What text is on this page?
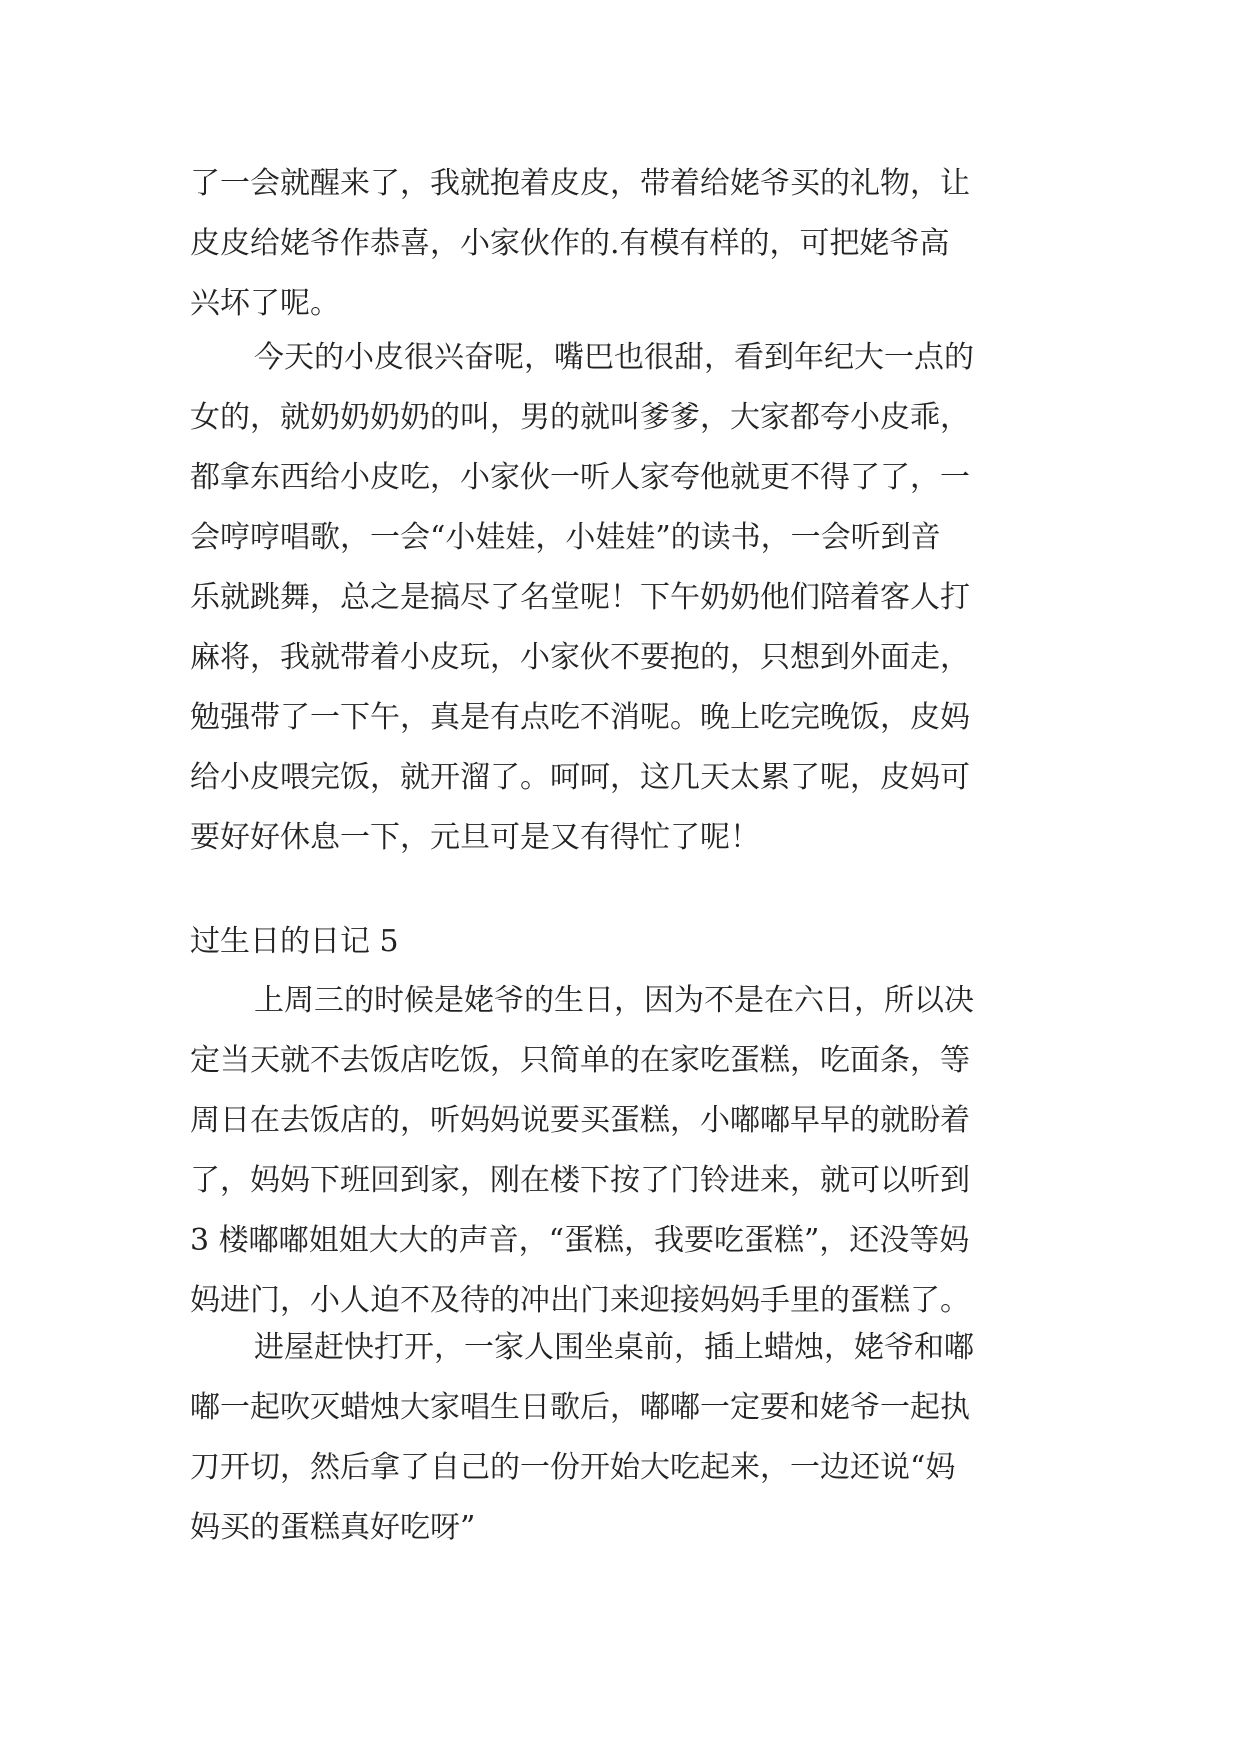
了一会就醒来了，我就抱着皮皮，带着给姥爷买的礼物，让
皮皮给姥爷作恭喜，小家伙作的.有模有样的，可把姥爷高
兴坏了呢。
今天的小皮很兴奋呢，嘴巴也很甜，看到年纪大一点的
女的，就奶奶奶奶的叫，男的就叫爹爹，大家都夸小皮乖，
都拿东西给小皮吃，小家伙一听人家夸他就更不得了了，一
会哼哼唱歌，一会“小娃娃，小娃娃”的读书，一会听到音
乐就跳舞，总之是搞尽了名堂呢！下午奶奶他们陪着客人打
麻将，我就带着小皮玩，小家伙不要抱的，只想到外面走，
勉强带了一下午，真是有点吃不消呢。晚上吃完晚饭，皮妈
给小皮喂完饭，就开溜了。呵呵，这几天太累了呢，皮妈可
要好好休息一下，元旦可是又有得忙了呢！
过生日的日记 5
上周三的时候是姥爷的生日，因为不是在六日，所以决
定当天就不去饭店吃饭，只简单的在家吃蛋糕，吃面条，等
周日在去饭店的，听妈妈说要买蛋糕，小嘟嘟早早的就盼着
了，妈妈下班回到家，刚在楼下按了门铃进来，就可以听到
3 楼嘟嘟姐姐大大的声音，“蛋糕，我要吃蛋糕”，还没等妈
妈进门，小人迫不及待的冲出门来迎接妈妈手里的蛋糕了。
进屋赶快打开，一家人围坐桌前，插上蜡烛，姥爷和嘟
嘟一起吹灭蜡烛大家唱生日歌后，嘟嘟一定要和姥爷一起执
刀开切，然后拿了自己的一份开始大吃起来，一边还说“妈
妈买的蛋糕真好吃呀”
